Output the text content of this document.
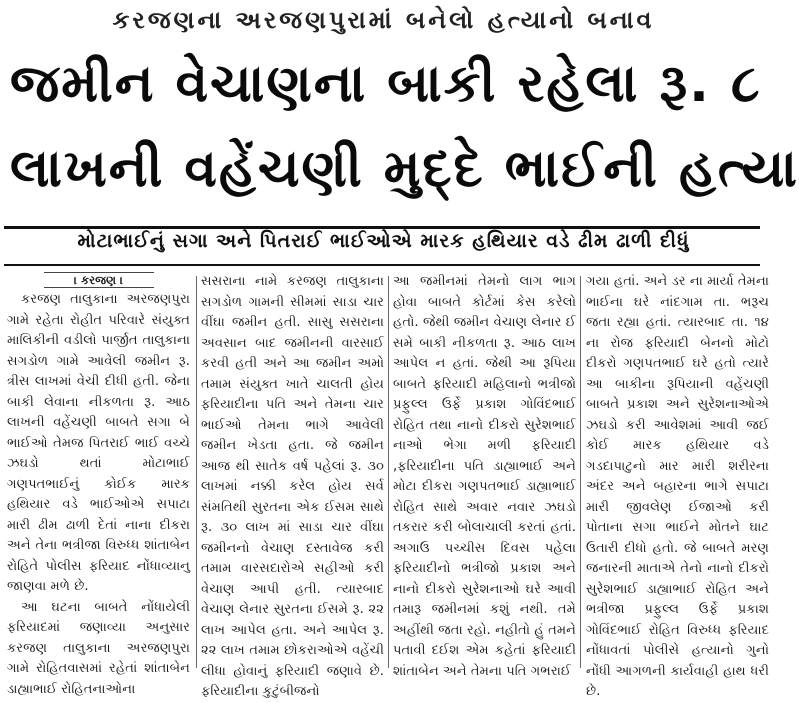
કરજણના અરજણપુરામાં બનેલો હત્યાનો બનાવ
જમીન વેચાણના બાકી રહેલા રૂ. ૮
લાખની વહેંચણી મુદ્દે ભાઈની હત્યા
મોટાભાઈનું સગા અને પિતરાઈ ભાઈઓએ મારક હથિયાર વડે ઢીમ ઢાળી દીધું
। કરજણ ।

કરજણ તાલુકાના અરજણપુરા ગામે રહેતા રોહીત પરિવારે સંયુક્ત માલિકીની વડીલો પાર્જીત તાલુકાના સગડોળ ગામે આવેલી જમીન રૂ. ત્રીસ લાખમાં વેચી દીધી હતી. જેના બાકી લેવાના નીકળતા રૂ. આઠ લાખની વહેંચણી બાબતે સગા બે ભાઈઓ તેમજ પિતરાઈ ભાઈ વચ્ચે ઝઘડો થતાં મોટાભાઈ ગણપતભાઈનું કોઈક મારક હથિયાર વડે ભાઈઓએ સપાટા મારી ઢીમ ઢાળી દેતાં નાના દીકરા અને તેના ભત્રીજા વિરુધ્ધ શાંતાબેન રોહિતે પોલીસ ફરિયાદ નોંધાવ્યાનુ જાણવા મળે છે.

આ ઘટના બાબતે નોંધાયેલી ફરિયાદમાં જણાવ્યા અનુસાર કરજણ તાલુકાના અરજણપુરા ગામે રોહિતવાસમાં રહેતાં શાંતાબેન ડાહ્યાભાઈ રોહિતનાઓના

સસરાના નામે કરજણ તાલુકાના સગડોળ ગામની સીમમાં સાડા ચાર વીંઘા જમીન હતી. સાસુ સસરાના અવસાન બાદ જમીનની વારસાઈ કરવી હતી અને આ જમીન અમો તમામ સંયુક્ત ખાતે ચાલતી હોય ફરિયાદીના પતિ અને તેમના ચાર ભાઈઓ તેમના ભાગે આવેલી જમીન ખેડતા હતા. જે જમીન આજ થી સાતેક વર્ષ પહેલાં રૂ. ૩૦ લાખમાં નક્કી કરેલ હોય સર્વ સંમતિથી સુરતના એક ઈસમ સાથે રૂ. ૩૦ લાખ માં સાડા ચાર વીંઘા જમીનનો વેચાણ દસ્તાવેજ કરી તમામ વારસદારોએ સહીઓ કરી વેચાણ આપી હતી. ત્યારબાદ વેચાણ લેનાર સુરતના ઈસમે રૂ. ૨૨ લાખ આપેલ હતા. અને આપેલ રૂ. ૨૨ લાખ તમામ છોકરાઓએ વહેંચી લીધા હોવાનું ફરિયાદી જણાવે છે. ફરિયાદીના કુટુંબીજનો

આ જમીનમાં તેમનો લાગ ભાગ હોવા બાબતે કોર્ટમાં કેસ કરેલો હતો. જેથી જમીન વેચાણ લેનાર ઈ સમે બાકી નીકળતા રૂ. આઠ લાખ આપેલ ન હતાં. જેથી આ રૂપિયા બાબતે ફરિયાદી મહિલાનો ભત્રીજો પ્રફુલ્લ ઉર્ફે પ્રકાશ ગોવિંદભાઈ રોહિત તથા નાનો દીકરો સુરેશભાઈ નાઓ ભેગા મળી ફરિયાદી ,ફરિયાદીના પતિ ડાહ્યાભાઈ અને મોટા દીકરા ગણપતભાઈ ડાહ્યાભાઈ રોહિત સાથે અવાર નવાર ઝઘડો તકરાર કરી બોલાચાલી કરતાં હતાં. અગાઉ પચ્ચીસ દિવસ પહેલા ફરિયાદીનો ભત્રીજો પ્રકાશ અને નાનો દીકરો સુરેશનાઓ ઘરે આવી તમારૂ જમીનમાં કશું નથી. તમે અહીંથી જતા રહો. નહીતો હું તમને પતાવી દઈશ એમ કહેતાં ફરિયાદી શાંતાબેન અને તેમના પતિ ગભરાઈ

ગયા હતાં. અને ડર ના માર્યા તેમના ભાઈના ઘરે નાંદગામ તા. ભરૂચ જતા રહ્યા હતાં. ત્યારબાદ તા. ૧૪ ના રોજ ફરિયાદી બેનનો મોટો દીકરો ગણપતભાઈ ઘરે હતો ત્યારે આ બાકીના રૂપિયાની વહેંચણી બાબતે પ્રકાશ અને સુરેશનાઓએ ઝઘડો કરી આવેશમાં આવી જઈ કોઈ મારક હથિયાર વડે ગડદાપાટુનો માર મારી શરીરના અંદર અને બહારના ભાગે સપાટા મારી જીવલેણ ઈજાઓ કરી પોતાના સગા ભાઈને મોતને ઘાટ ઉતારી દીધો હતો. જે બાબતે મરણ જનારની માતાએ તેનો નાનો દીકરો સુરેશભાઈ ડાહ્યાભાઈ રોહિત અને ભત્રીજા પ્રફુલ્લ ઉર્ફે પ્રકાશ ગોવિંદભાઈ રોહિત વિરુધ્ધ ફરિયાદ નોંધાવતાં પોલીસે હત્યાનો ગુનો નોંધી આગળની કાર્યવાહી હાથ ધરી છે.
